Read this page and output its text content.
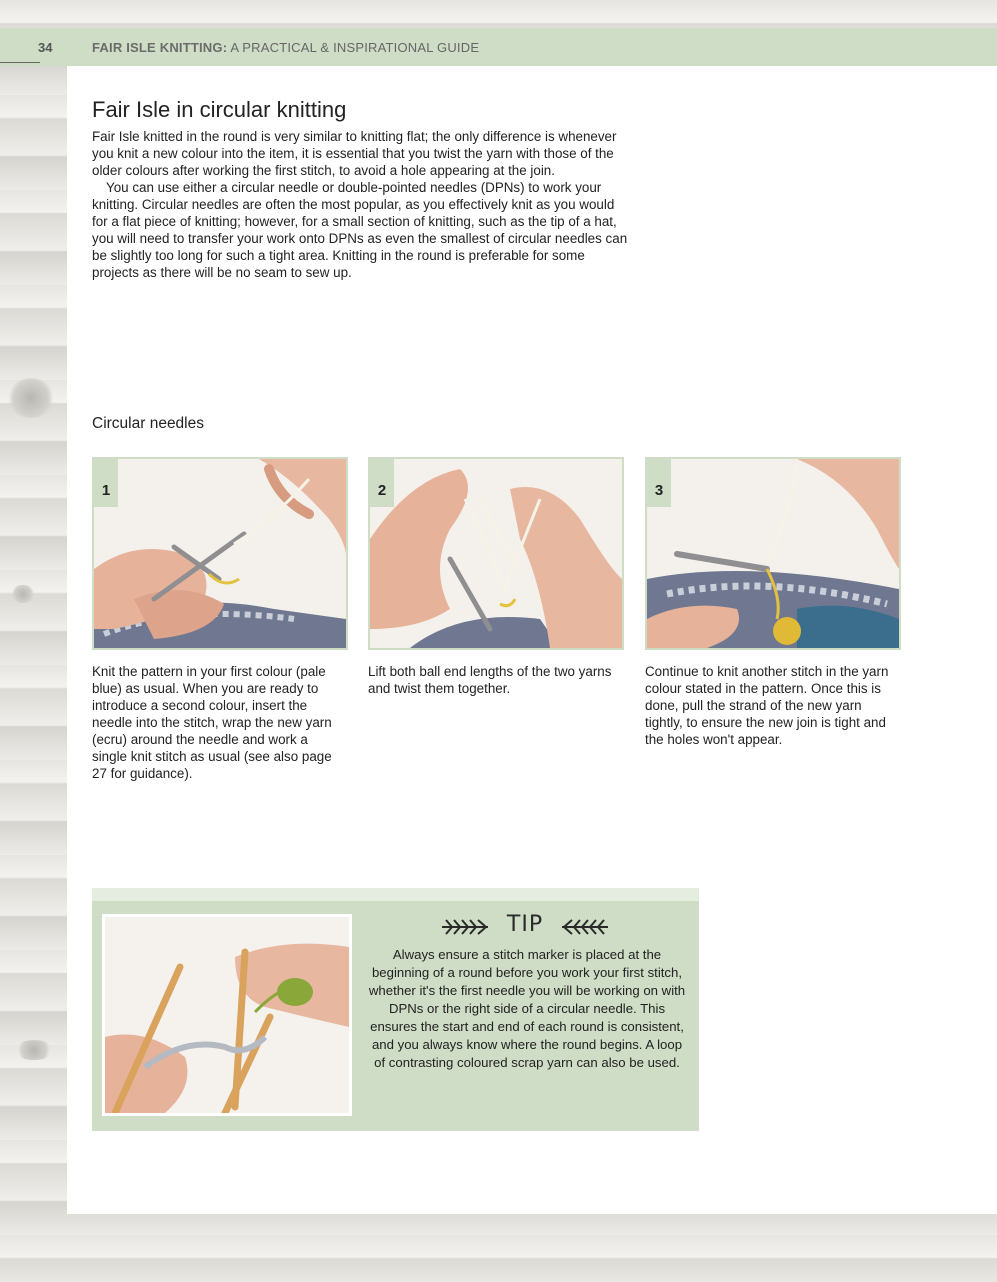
34	FAIR ISLE KNITTING: A PRACTICAL & INSPIRATIONAL GUIDE
Fair Isle in circular knitting

Fair Isle knitted in the round is very similar to knitting flat; the only difference is whenever you knit a new colour into the item, it is essential that you twist the yarn with those of the older colours after working the first stitch, to avoid a hole appearing at the join.

You can use either a circular needle or double-pointed needles (DPNs) to work your knitting. Circular needles are often the most popular, as you effectively knit as you would for a flat piece of knitting; however, for a small section of knitting, such as the tip of a hat, you will need to transfer your work onto DPNs as even the smallest of circular needles can be slightly too long for such a tight area. Knitting in the round is preferable for some projects as there will be no seam to sew up.

Circular needles
1	2	3
Knit the pattern in your first colour (pale blue) as usual. When you are ready to introduce a second colour, insert the needle into the stitch, wrap the new yarn (ecru) around the needle and work a single knit stitch as usual (see also page 27 for guidance).
Lift both ball end lengths of the two yarns and twist them together.
Continue to knit another stitch in the yarn colour stated in the pattern. Once this is done, pull the strand of the new yarn tightly, to ensure the new join is tight and the holes won't appear.
TIP
Always ensure a stitch marker is placed at the beginning of a round before you work your first stitch, whether it's the first needle you will be working on with DPNs or the right side of a circular needle. This ensures the start and end of each round is consistent, and you always know where the round begins. A loop of contrasting coloured scrap yarn can also be used.
